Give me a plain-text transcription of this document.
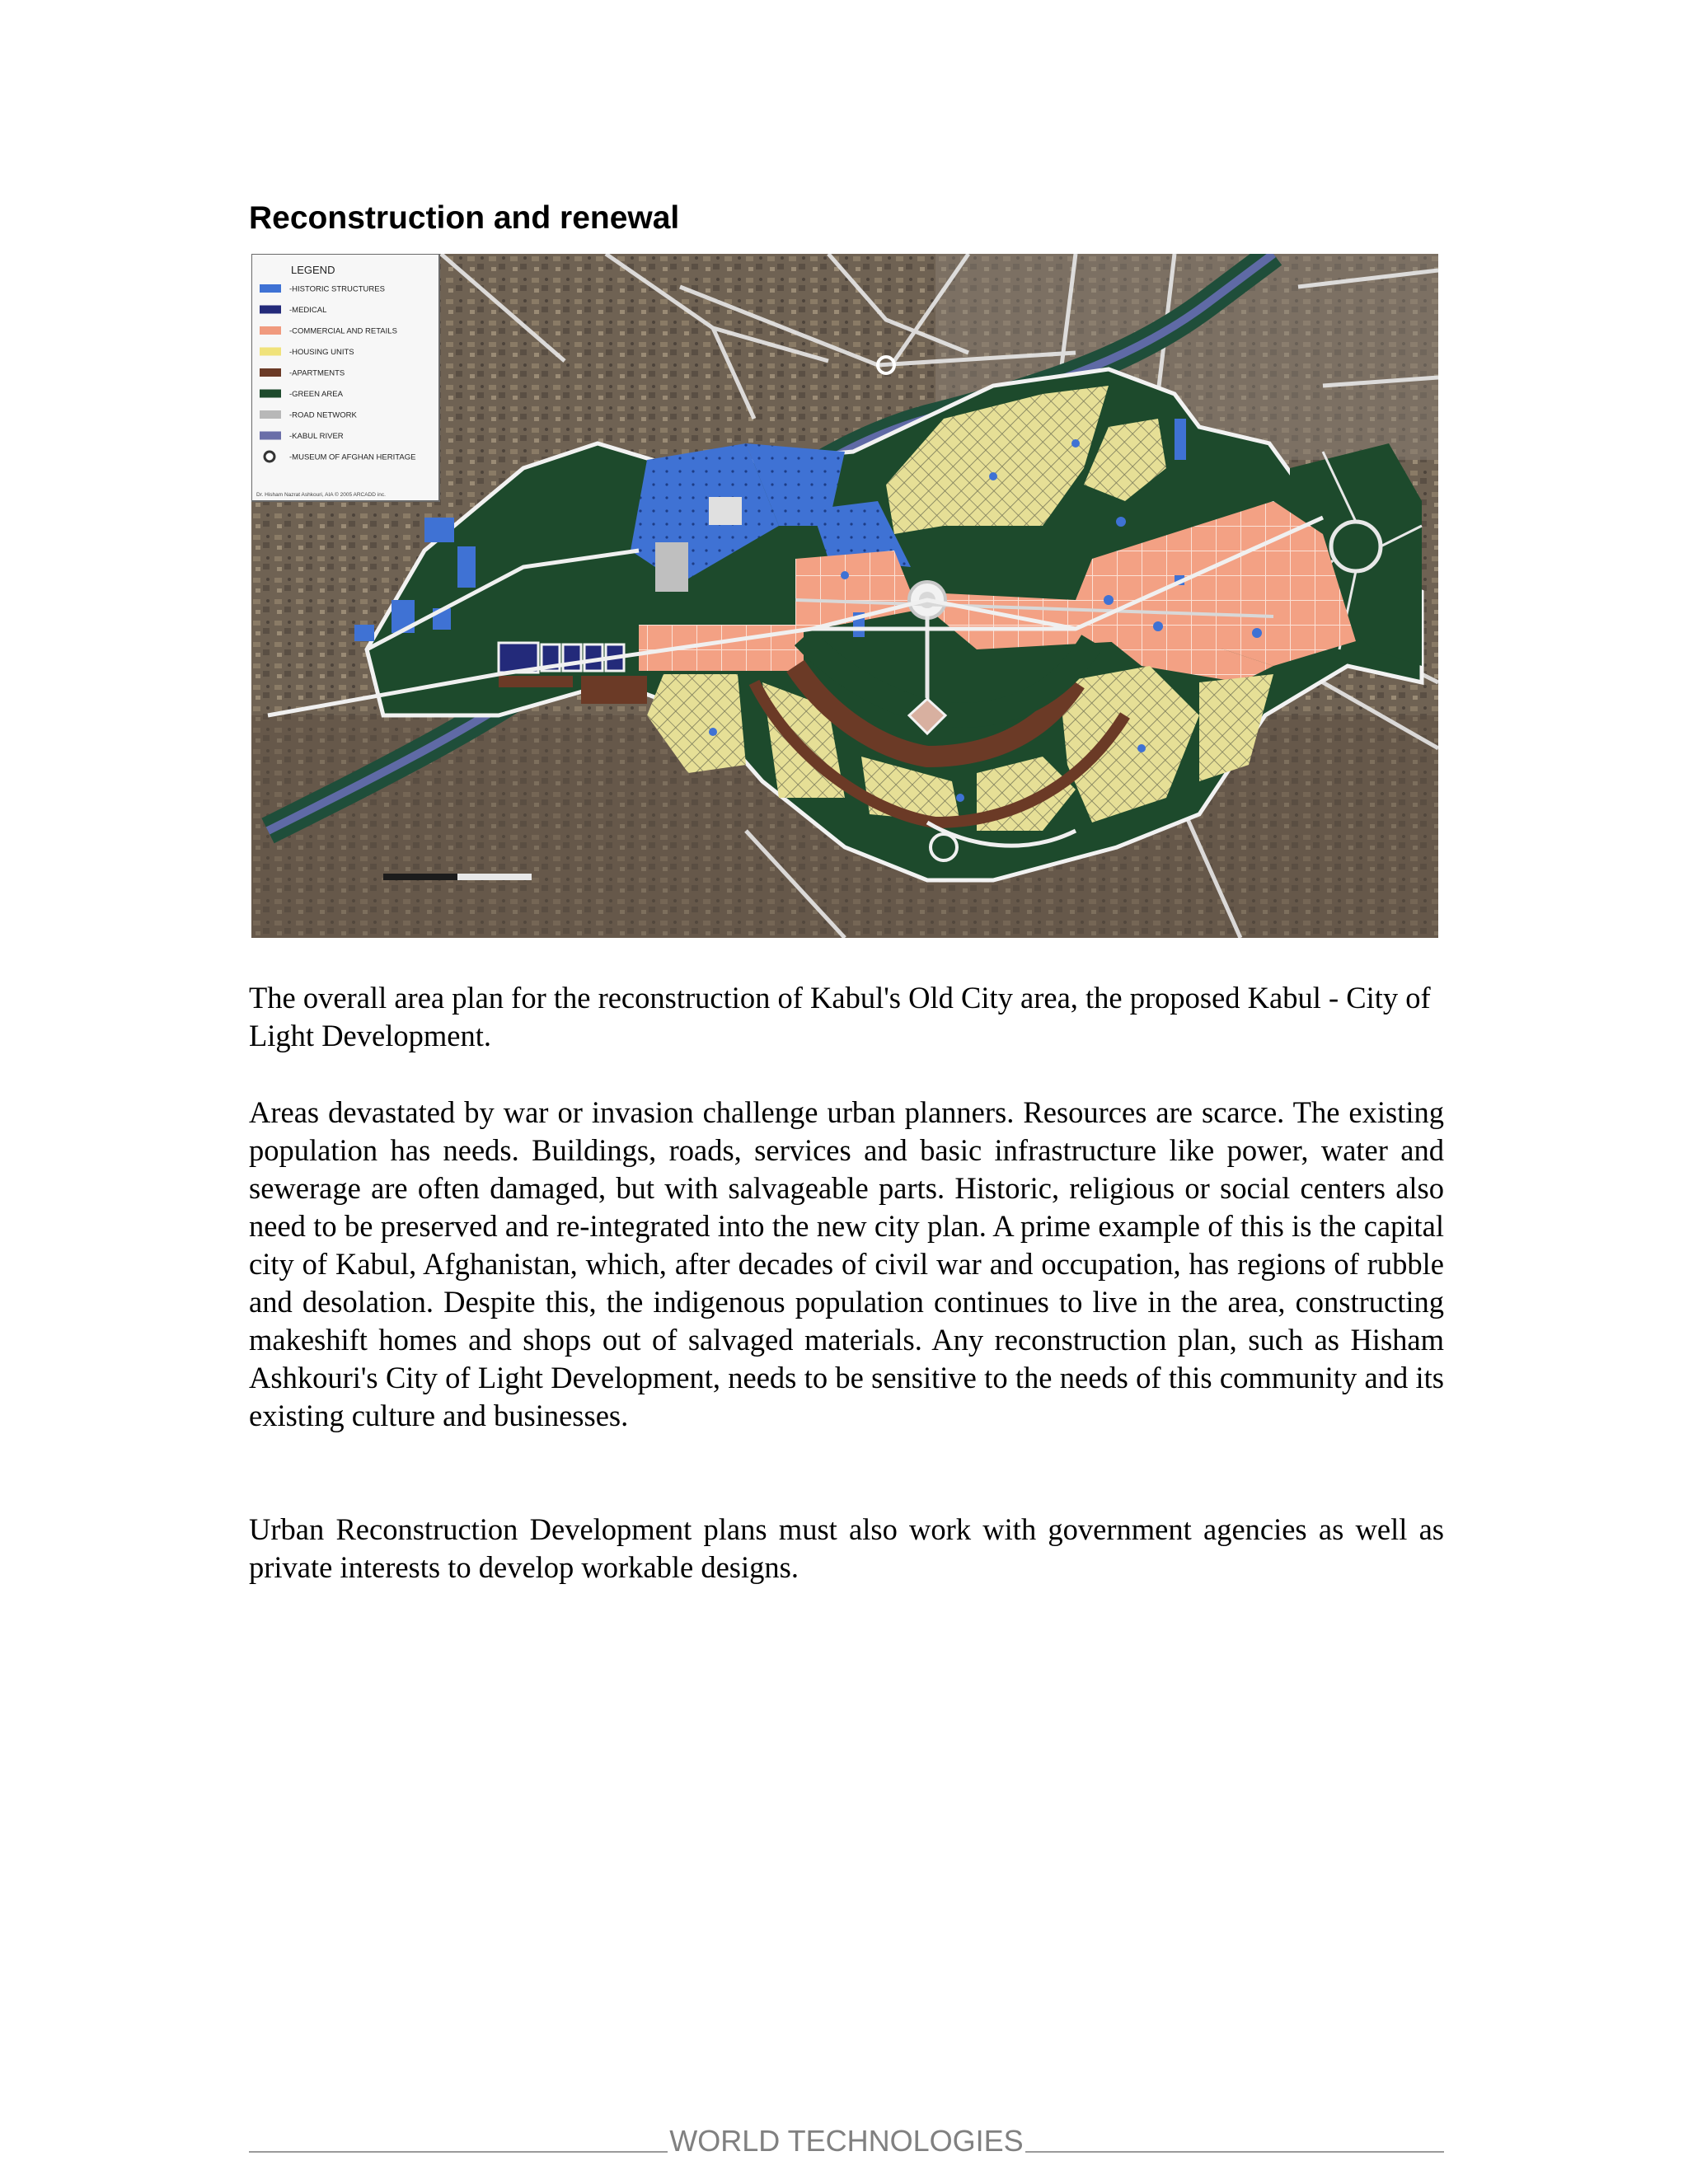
Reconstruction and renewal
LEGEND
-HISTORIC STRUCTURES
-MEDICAL
-COMMERCIAL AND RETAILS
-HOUSING UNITS
-APARTMENTS
-GREEN AREA
-ROAD NETWORK
-KABUL RIVER
-MUSEUM OF AFGHAN HERITAGE
Dr. Hisham Nazrat Ashkouri, AIA © 2005 ARCADD inc.

The overall area plan for the reconstruction of Kabul's Old City area, the proposed Kabul - City of Light Development.

Areas devastated by war or invasion challenge urban planners. Resources are scarce. The existing population has needs. Buildings, roads, services and basic infrastructure like power, water and sewerage are often damaged, but with salvageable parts. Historic, religious or social centers also need to be preserved and re-integrated into the new city plan. A prime example of this is the capital city of Kabul, Afghanistan, which, after decades of civil war and occupation, has regions of rubble and desolation. Despite this, the indigenous population continues to live in the area, constructing makeshift homes and shops out of salvaged materials. Any reconstruction plan, such as Hisham Ashkouri's City of Light Development, needs to be sensitive to the needs of this community and its existing culture and businesses.

Urban Reconstruction Development plans must also work with government agencies as well as private interests to develop workable designs.

WORLD TECHNOLOGIES
